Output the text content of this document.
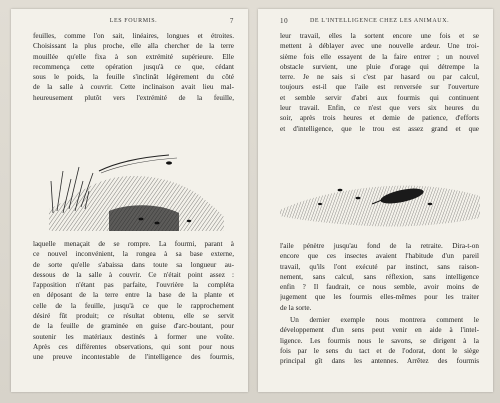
LES FOURMIS.	7
feuilles, comme l'on sait, linéaires, longues et étroites.
Choisissant la plus proche, elle alla chercher de la terre
mouillée qu'elle fixa à son extrémité supérieure. Elle
recommença cette opération jusqu'à ce que, cédant
sous le poids, la feuille s'inclinât légèrement du côté
de la salle à couvrir. Cette inclinaison avait lieu mal-
heureusement plutôt vers l'extrémité de la feuille,
laquelle menaçait de se rompre. La fourmi, parant à
ce nouvel inconvénient, la rongea à sa base externe,
de sorte qu'elle s'abaissa dans toute sa longueur au-
dessous de la salle à couvrir. Ce n'était point assez :
l'apposition n'étant pas parfaite, l'ouvrière la compléta
en déposant de la terre entre la base de la plante et
celle de la feuille, jusqu'à ce que le rapprochement
désiré fût produit; ce résultat obtenu, elle se servit
de la feuille de graminée en guise d'arc-boutant, pour
soutenir les matériaux destinés à former une voûte.
Après ces différentes observations, qui sont pour nous
une preuve incontestable de l'intelligence des fourmis,
10	DE L'INTELLIGENCE CHEZ LES ANIMAUX.
leur travail, elles la sortent encore une fois et se
mettent à déblayer avec une nouvelle ardeur. Une troi-
sième fois elle essayent de la faire entrer ; un nouvel
obstacle survient, une pluie d'orage qui détrempe la
terre. Je ne sais si c'est par hasard ou par calcul,
toujours est-il que l'aile est renversée sur l'ouverture
et semble servir d'abri aux fourmis qui continuent
leur travail. Enfin, ce n'est que vers six heures du
soir, après trois heures et demie de patience, d'efforts
et d'intelligence, que le trou est assez grand et que
l'aile pénètre jusqu'au fond de la retraite. Dira-t-on
encore que ces insectes avaient l'habitude d'un pareil
travail, qu'ils l'ont exécuté par instinct, sans raison-
nement, sans calcul, sans réflexion, sans intelligence
enfin ? Il faudrait, ce nous semble, avoir moins de
jugement que les fourmis elles-mêmes pour les traiter
de la sorte.
Un dernier exemple nous montrera comment le
développement d'un sens peut venir en aide à l'intel-
ligence. Les fourmis nous le savons, se dirigent à la
fois par le sens du tact et de l'odorat, dont le siège
principal gît dans les antennes. Arrêtez des fourmis
